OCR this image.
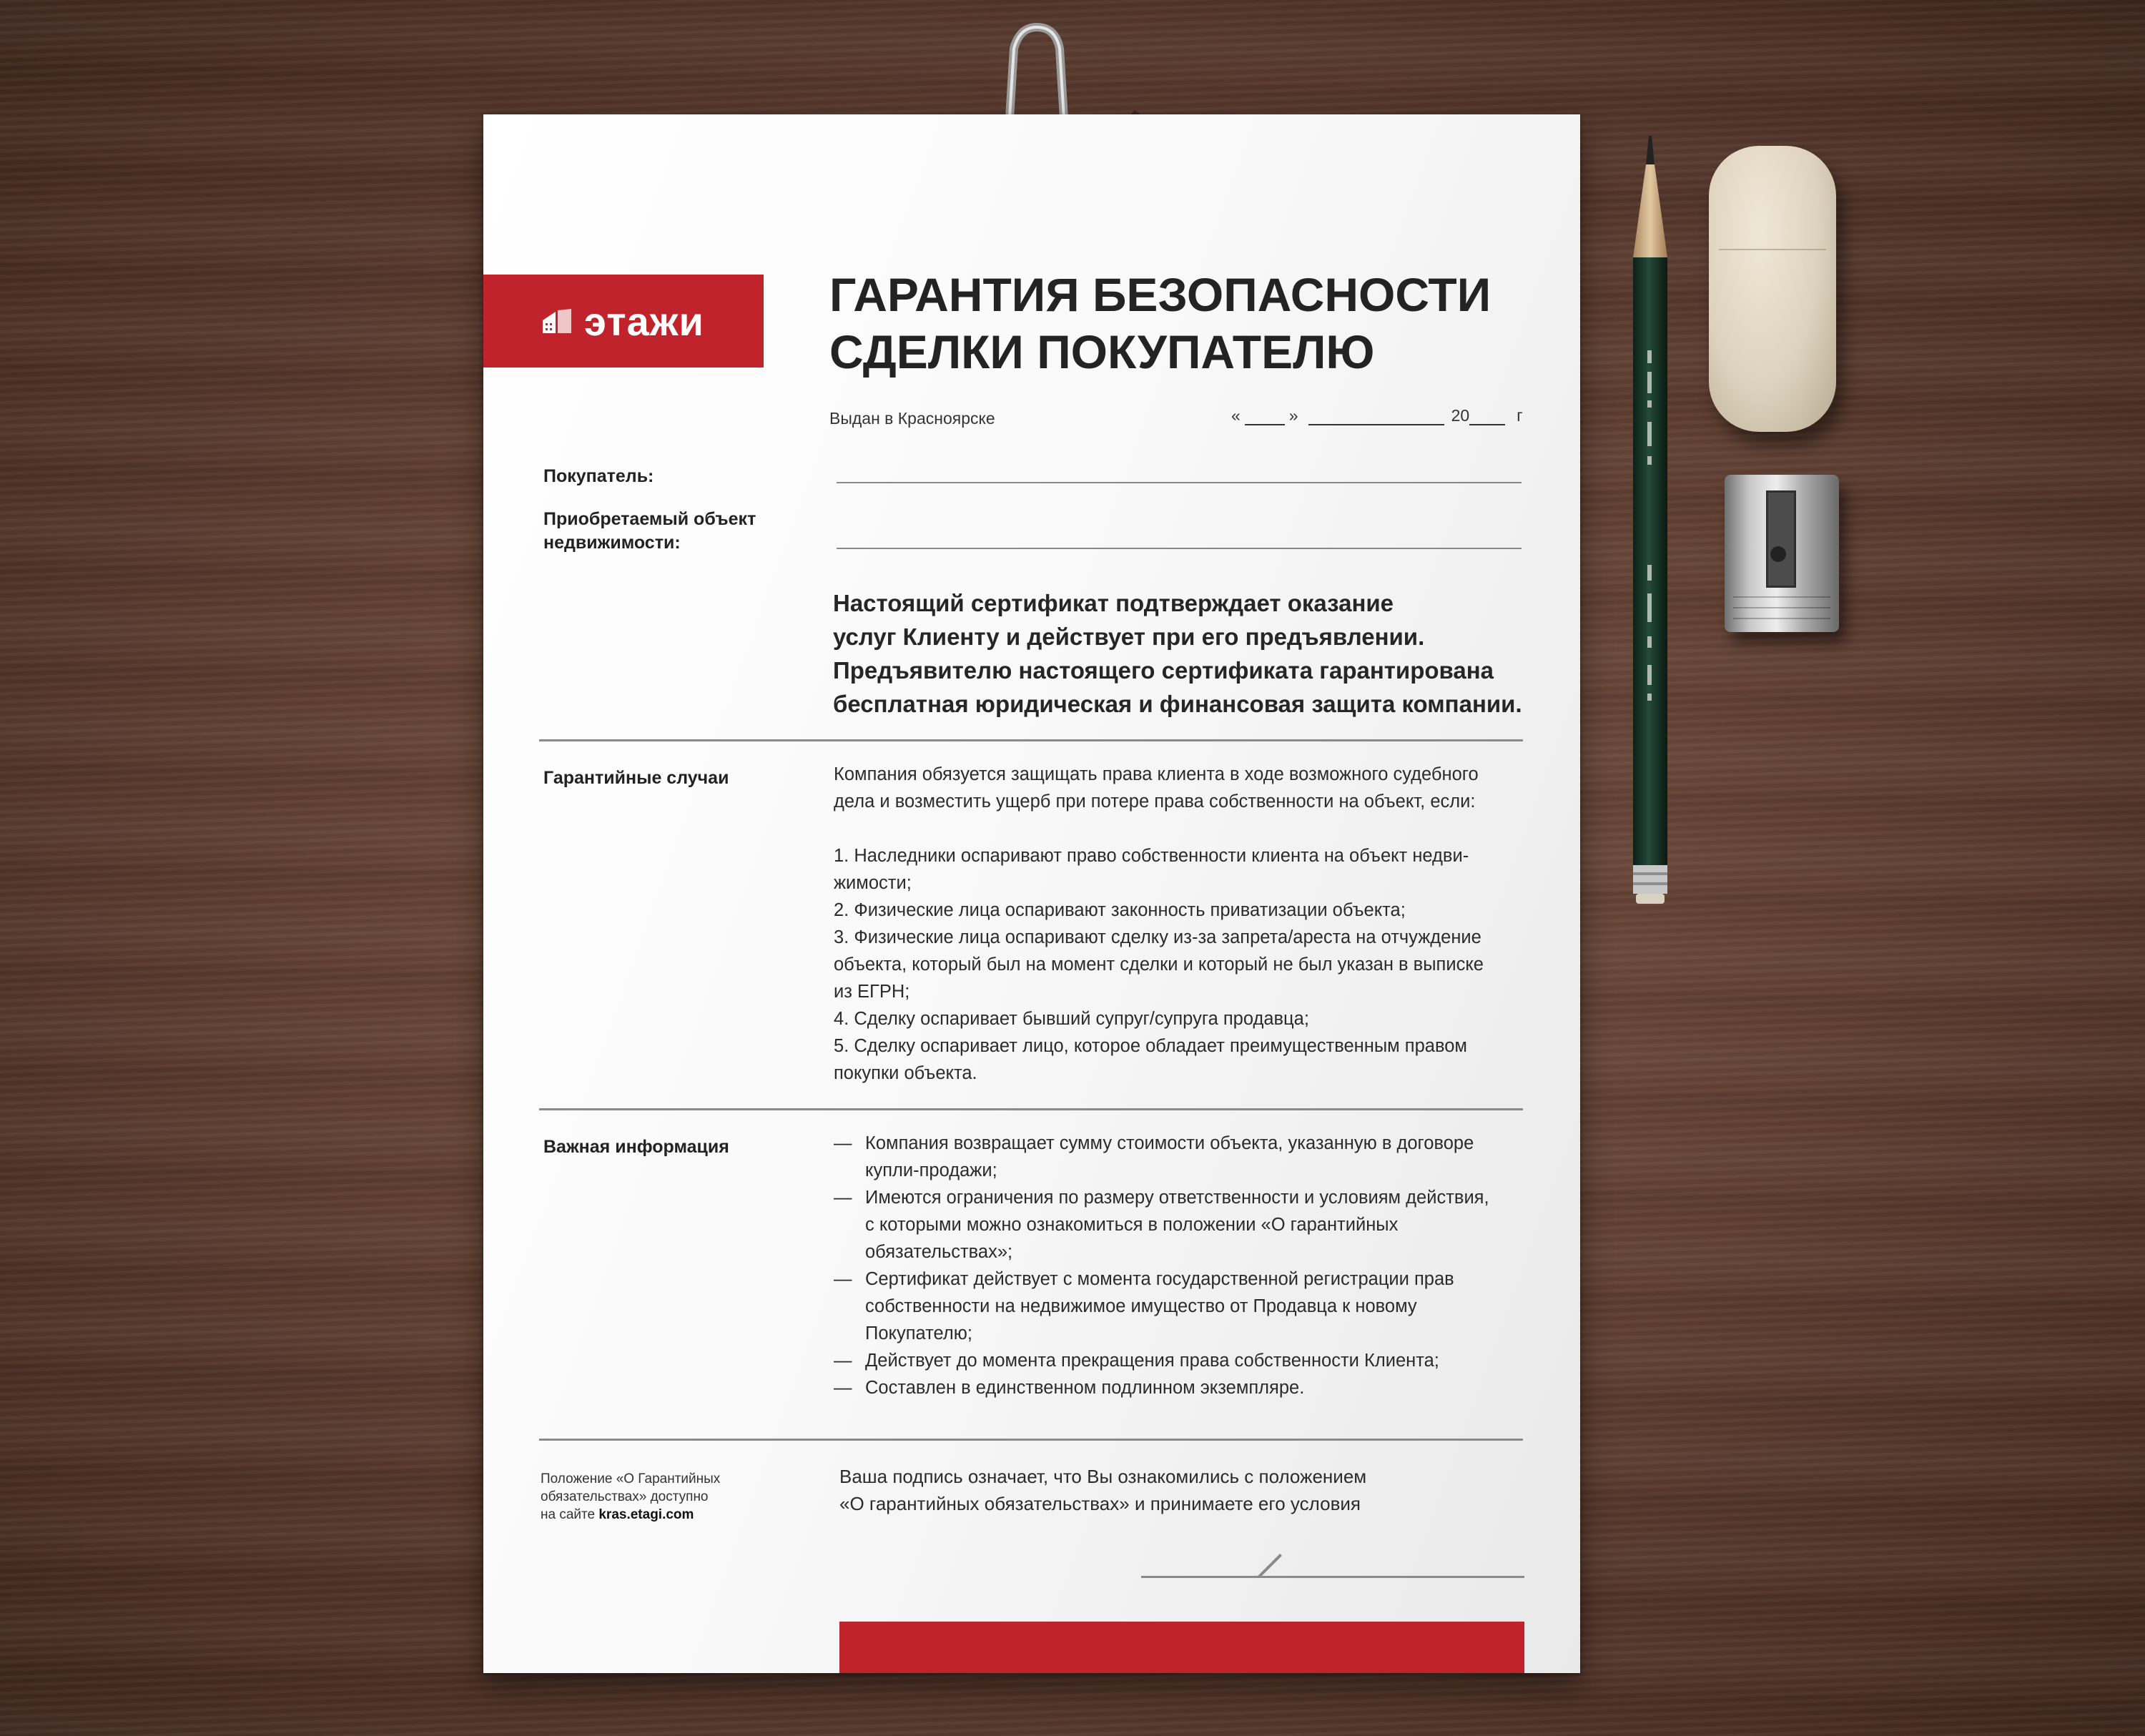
этажи	ГАРАНТИЯ БЕЗОПАСНОСТИ
СДЕЛКИ ПОКУПАТЕЛЮ
Выдан в Красноярске	«	»	20	г
Покупатель:
Приобретаемый объект
недвижимости:
Настоящий сертификат подтверждает оказание
услуг Клиенту и действует при его предъявлении.
Предъявителю настоящего сертификата гарантирована
бесплатная юридическая и финансовая защита компании.
Гарантийные случаи	Компания обязуется защищать права клиента в ходе возможного судебного

дела и возместить ущерб при потере права собственности на объект, если:

1. Наследники оспаривают право собственности клиента на объект недви-

жимости;

2. Физические лица оспаривают законность приватизации объекта;

3. Физические лица оспаривают сделку из-за запрета/ареста на отчуждение

объекта, который был на момент сделки и который не был указан в выписке

из ЕГРН;

4. Сделку оспаривает бывший супруг/супруга продавца;

5. Сделку оспаривает лицо, которое обладает преимущественным правом

покупки объекта.

Важная информация
—	Компания возвращает сумму стоимости объекта, указанную в договоре
купли-продажи;
— Имеются ограничения по размеру ответственности и условиям действия,
с которыми можно ознакомиться в положении «О гарантийных
обязательствах»;
— Сертификат действует с момента государственной регистрации прав
собственности на недвижимое имущество от Продавца к новому
Покупателю;
— Действует до момента прекращения права собственности Клиента;
— Составлен в единственном подлинном экземпляре.
Положение «О Гарантийных
обязательствах» доступно
на сайте kras.etagi.com
Ваша подпись означает, что Вы ознакомились с положением
«О гарантийных обязательствах» и принимаете его условия
